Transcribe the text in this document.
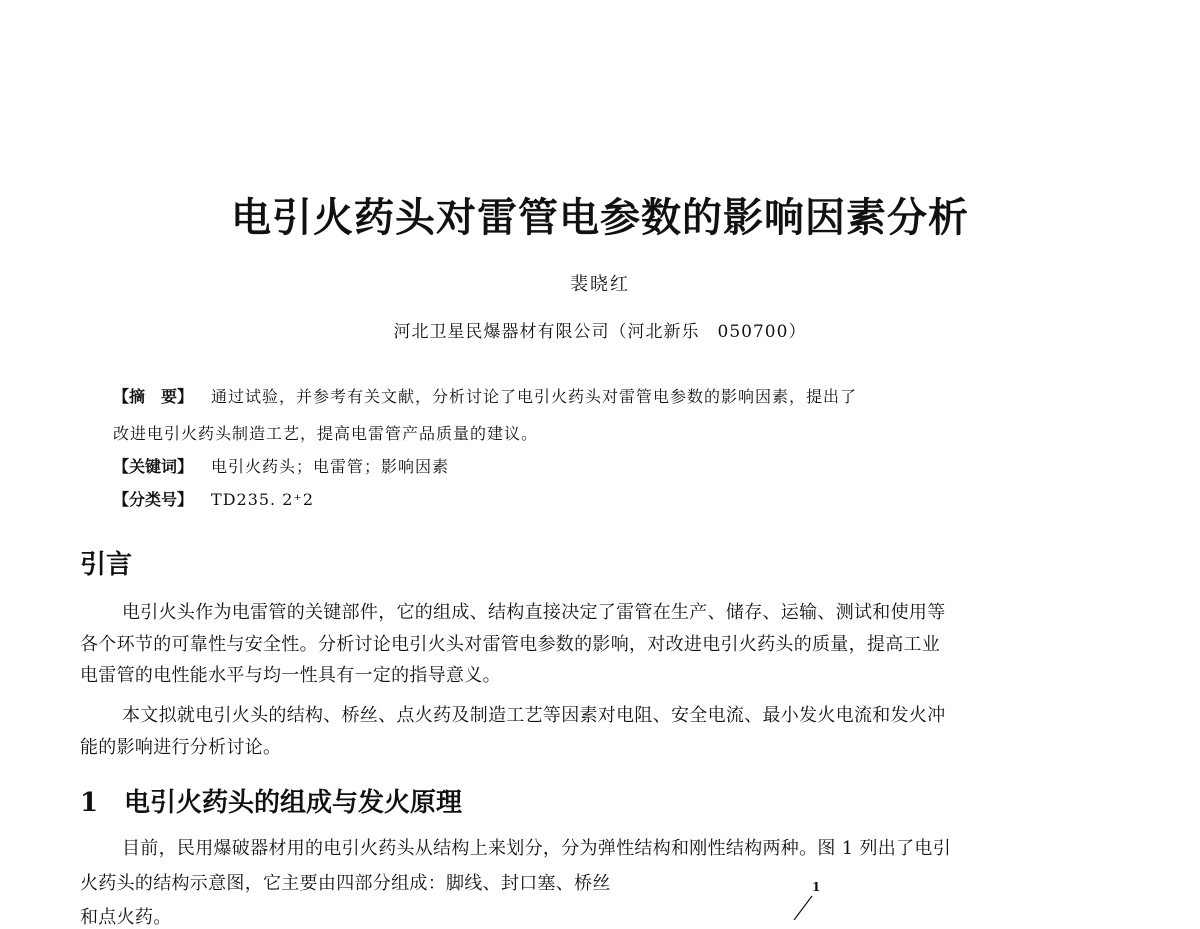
电引火药头对雷管电参数的影响因素分析
裴晓红
河北卫星民爆器材有限公司（河北新乐　050700）
【摘　要】 通过试验，并参考有关文献，分析讨论了电引火药头对雷管电参数的影响因素，提出了
改进电引火药头制造工艺，提高电雷管产品质量的建议。
【关键词】 电引火药头；电雷管；影响因素
【分类号】 TD235. 2⁺2
引言
电引火头作为电雷管的关键部件，它的组成、结构直接决定了雷管在生产、储存、运输、测试和使用等
各个环节的可靠性与安全性。分析讨论电引火头对雷管电参数的影响，对改进电引火药头的质量，提高工业
电雷管的电性能水平与均一性具有一定的指导意义。
本文拟就电引火头的结构、桥丝、点火药及制造工艺等因素对电阻、安全电流、最小发火电流和发火冲
能的影响进行分析讨论。
1 电引火药头的组成与发火原理
目前，民用爆破器材用的电引火药头从结构上来划分，分为弹性结构和刚性结构两种。图 1 列出了电引
火药头的结构示意图，它主要由四部分组成：脚线、封口塞、桥丝
和点火药。
1
